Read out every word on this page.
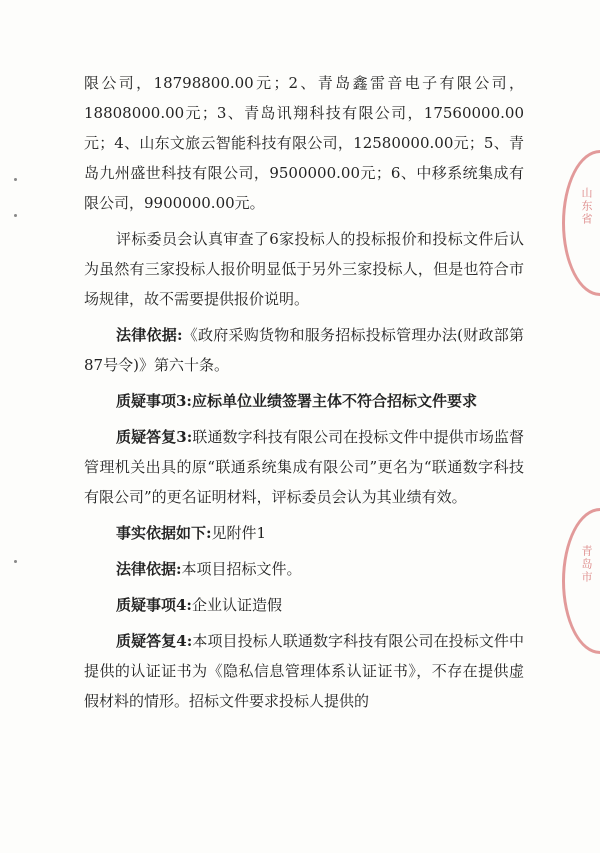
山东省
青岛市

限公司，18798800.00元；2、青岛鑫雷音电子有限公司，18808000.00元；3、青岛讯翔科技有限公司，17560000.00元；4、山东文旅云智能科技有限公司，12580000.00元；5、青岛九州盛世科技有限公司，9500000.00元；6、中移系统集成有限公司，9900000.00元。

评标委员会认真审查了6家投标人的投标报价和投标文件后认为虽然有三家投标人报价明显低于另外三家投标人，但是也符合市场规律，故不需要提供报价说明。

法律依据:《政府采购货物和服务招标投标管理办法(财政部第87号令)》第六十条。

质疑事项3:应标单位业绩签署主体不符合招标文件要求

质疑答复3:联通数字科技有限公司在投标文件中提供市场监督管理机关出具的原“联通系统集成有限公司”更名为“联通数字科技有限公司”的更名证明材料，评标委员会认为其业绩有效。

事实依据如下:见附件1

法律依据:本项目招标文件。

质疑事项4:企业认证造假

质疑答复4:本项目投标人联通数字科技有限公司在投标文件中提供的认证证书为《隐私信息管理体系认证证书》，不存在提供虚假材料的情形。招标文件要求投标人提供的
